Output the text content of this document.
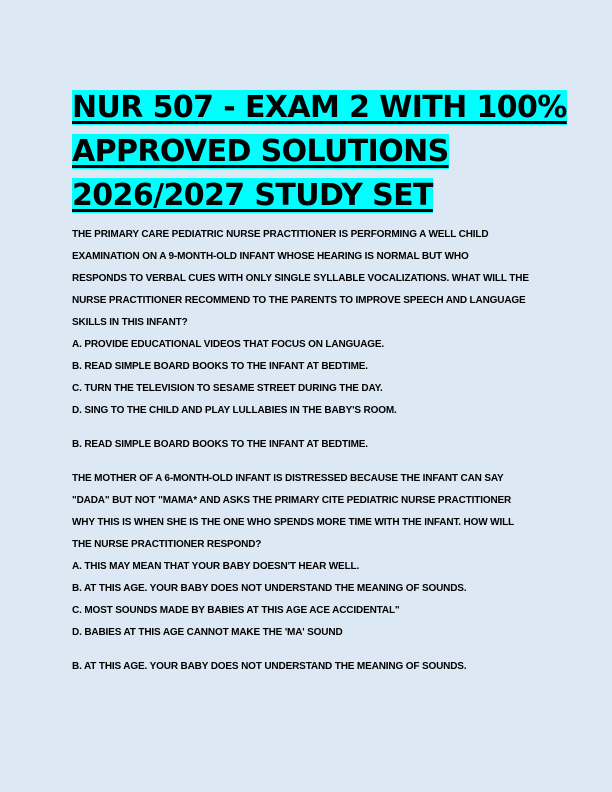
NUR 507 - EXAM 2 WITH 100%
APPROVED SOLUTIONS
2026/2027 STUDY SET
THE PRIMARY CARE PEDIATRIC NURSE PRACTITIONER IS PERFORMING A WELL CHILD
EXAMINATION ON A 9-MONTH-OLD INFANT WHOSE HEARING IS NORMAL BUT WHO
RESPONDS TO VERBAL CUES WITH ONLY SINGLE SYLLABLE VOCALIZATIONS. WHAT WILL THE
NURSE PRACTITIONER RECOMMEND TO THE PARENTS TO IMPROVE SPEECH AND LANGUAGE
SKILLS IN THIS INFANT?
A. PROVIDE EDUCATIONAL VIDEOS THAT FOCUS ON LANGUAGE.
B. READ SIMPLE BOARD BOOKS TO THE INFANT AT BEDTIME.
C. TURN THE TELEVISION TO SESAME STREET DURING THE DAY.
D. SING TO THE CHILD AND PLAY LULLABIES IN THE BABY'S ROOM.
B. READ SIMPLE BOARD BOOKS TO THE INFANT AT BEDTIME.
THE MOTHER OF A 6-MONTH-OLD INFANT IS DISTRESSED BECAUSE THE INFANT CAN SAY
"DADA" BUT NOT "MAMA* AND ASKS THE PRIMARY CITE PEDIATRIC NURSE PRACTITIONER
WHY THIS IS WHEN SHE IS THE ONE WHO SPENDS MORE TIME WITH THE INFANT. HOW WILL
THE NURSE PRACTITIONER RESPOND?
A. THIS MAY MEAN THAT YOUR BABY DOESN'T HEAR WELL.
B. AT THIS AGE. YOUR BABY DOES NOT UNDERSTAND THE MEANING OF SOUNDS.
C. MOST SOUNDS MADE BY BABIES AT THIS AGE ACE ACCIDENTAL"
D. BABIES AT THIS AGE CANNOT MAKE THE 'MA' SOUND
B. AT THIS AGE. YOUR BABY DOES NOT UNDERSTAND THE MEANING OF SOUNDS.
